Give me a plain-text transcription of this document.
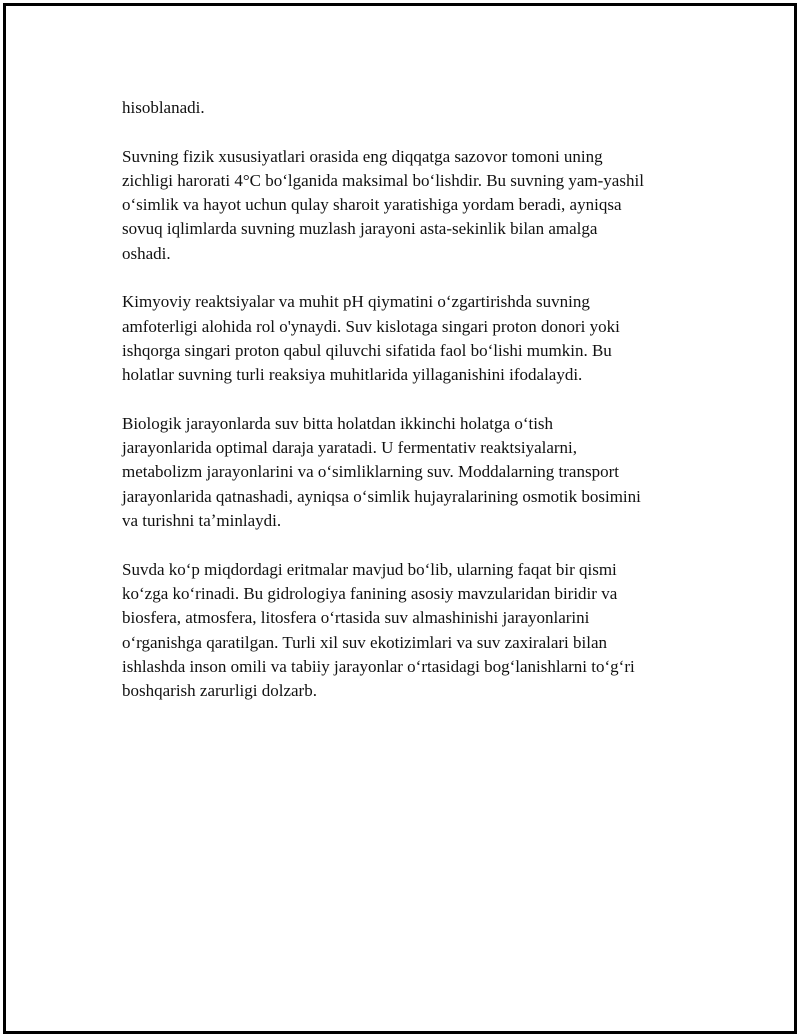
hisoblanadi.

Suvning fizik xususiyatlari orasida eng diqqatga sazovor tomoni uning
zichligi harorati 4°C boʻlganida maksimal boʻlishdir. Bu suvning yam-yashil
oʻsimlik va hayot uchun qulay sharoit yaratishiga yordam beradi, ayniqsa
sovuq iqlimlarda suvning muzlash jarayoni asta-sekinlik bilan amalga
oshadi.

Kimyoviy reaktsiyalar va muhit pH qiymatini oʻzgartirishda suvning
amfoterligi alohida rol o'ynaydi. Suv kislotaga singari proton donori yoki
ishqorga singari proton qabul qiluvchi sifatida faol boʻlishi mumkin. Bu
holatlar suvning turli reaksiya muhitlarida yillaganishini ifodalaydi.

Biologik jarayonlarda suv bitta holatdan ikkinchi holatga oʻtish
jarayonlarida optimal daraja yaratadi. U fermentativ reaktsiyalarni,
metabolizm jarayonlarini va oʻsimliklarning suv. Moddalarning transport
jarayonlarida qatnashadi, ayniqsa oʻsimlik hujayralarining osmotik bosimini
va turishni taʼminlaydi.

Suvda koʻp miqdordagi eritmalar mavjud boʻlib, ularning faqat bir qismi
koʻzga koʻrinadi. Bu gidrologiya fanining asosiy mavzularidan biridir va
biosfera, atmosfera, litosfera oʻrtasida suv almashinishi jarayonlarini
oʻrganishga qaratilgan. Turli xil suv ekotizimlari va suv zaxiralari bilan
ishlashda inson omili va tabiiy jarayonlar oʻrtasidagi bogʻlanishlarni toʻgʻri
boshqarish zarurligi dolzarb.
